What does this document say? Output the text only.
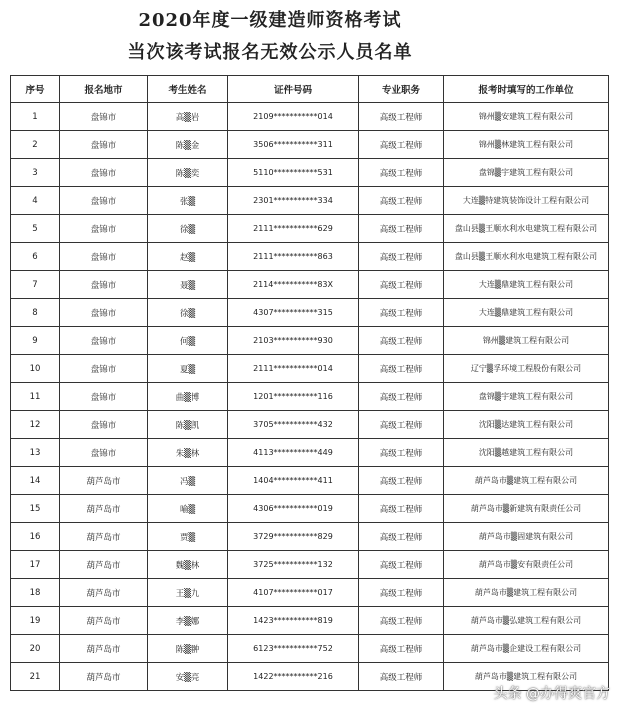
2020年度一级建造师资格考试
当次该考试报名无效公示人员名单
序号	报名地市	考生姓名	证件号码	专业职务	报考时填写的工作单位
1	盘锦市	高▒岩	2109***********014	高级工程师	锦州▒安建筑工程有限公司
2	盘锦市	陈▒金	3506***********311	高级工程师	锦州▒林建筑工程有限公司
3	盘锦市	陈▒奕	5110***********531	高级工程师	盘锦▒宇建筑工程有限公司
4	盘锦市	张▒	2301***********334	高级工程师	大连▒特建筑装饰设计工程有限公司
5	盘锦市	徐▒	2111***********629	高级工程师	盘山县▒王顺水利水电建筑工程有限公司
6	盘锦市	赵▒	2111***********863	高级工程师	盘山县▒王顺水利水电建筑工程有限公司
7	盘锦市	聂▒	2114***********83X	高级工程师	大连▒鼎建筑工程有限公司
8	盘锦市	徐▒	4307***********315	高级工程师	大连▒鼎建筑工程有限公司
9	盘锦市	何▒	2103***********930	高级工程师	锦州▒建筑工程有限公司
10	盘锦市	夏▒	2111***********014	高级工程师	辽宁▒孚环境工程股份有限公司
11	盘锦市	曲▒博	1201***********116	高级工程师	盘锦▒宇建筑工程有限公司
12	盘锦市	陈▒凯	3705***********432	高级工程师	沈阳▒达建筑工程有限公司
13	盘锦市	朱▒林	4113***********449	高级工程师	沈阳▒越建筑工程有限公司
14	葫芦岛市	冯▒	1404***********411	高级工程师	葫芦岛市▒建筑工程有限公司
15	葫芦岛市	喻▒	4306***********019	高级工程师	葫芦岛市▒新建筑有限责任公司
16	葫芦岛市	贾▒	3729***********829	高级工程师	葫芦岛市▒固建筑有限公司
17	葫芦岛市	魏▒林	3725***********132	高级工程师	葫芦岛市▒安有限责任公司
18	葫芦岛市	王▒九	4107***********017	高级工程师	葫芦岛市▒建筑工程有限公司
19	葫芦岛市	李▒娜	1423***********819	高级工程师	葫芦岛市▒弘建筑工程有限公司
20	葫芦岛市	陈▒翀	6123***********752	高级工程师	葫芦岛市▒企建设工程有限公司
21	葫芦岛市	安▒亮	1422***********216	高级工程师	葫芦岛市▒建筑工程有限公司
头条 @办得爽官方
